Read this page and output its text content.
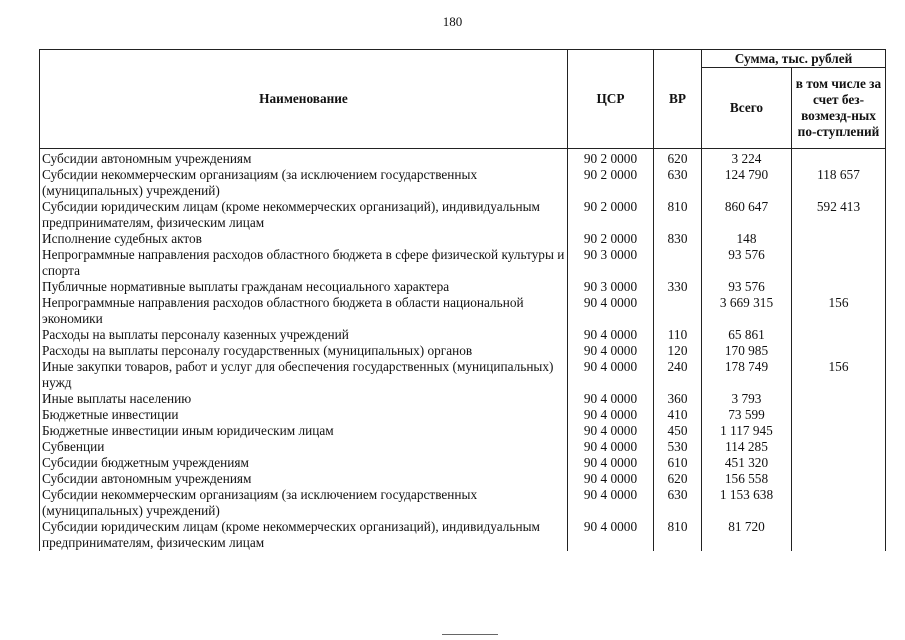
180
Наименование	ЦСР	ВР	Сумма, тыс. рублей	
			Всего	в том числе за счет без-возмезд-ных по-ступлений
Субсидии автономным учреждениям	90 2 0000	620	3 224	
Субсидии некоммерческим организациям (за исключением государственных (муниципальных) учреждений)	90 2 0000	630	124 790	118 657
Субсидии юридическим лицам (кроме некоммерческих организаций), индивидуальным предпринимателям, физическим лицам	90 2 0000	810	860 647	592 413
Исполнение судебных актов	90 2 0000	830	148	
Непрограммные направления расходов областного бюджета в сфере физической культуры и спорта	90 3 0000		93 576	
Публичные нормативные выплаты гражданам несоциального характера	90 3 0000	330	93 576	
Непрограммные направления расходов областного бюджета в области национальной экономики	90 4 0000		3 669 315	156
Расходы на выплаты персоналу казенных учреждений	90 4 0000	110	65 861	
Расходы на выплаты персоналу государственных (муниципальных) органов	90 4 0000	120	170 985	
Иные закупки товаров, работ и услуг для обеспечения государственных (муниципальных) нужд	90 4 0000	240	178 749	156
Иные выплаты населению	90 4 0000	360	3 793	
Бюджетные инвестиции	90 4 0000	410	73 599	
Бюджетные инвестиции иным юридическим лицам	90 4 0000	450	1 117 945	
Субвенции	90 4 0000	530	114 285	
Субсидии бюджетным учреждениям	90 4 0000	610	451 320	
Субсидии автономным учреждениям	90 4 0000	620	156 558	
Субсидии некоммерческим организациям (за исключением государственных (муниципальных) учреждений)	90 4 0000	630	1 153 638	
Субсидии юридическим лицам (кроме некоммерческих организаций), индивидуальным предпринимателям, физическим лицам	90 4 0000	810	81 720	
